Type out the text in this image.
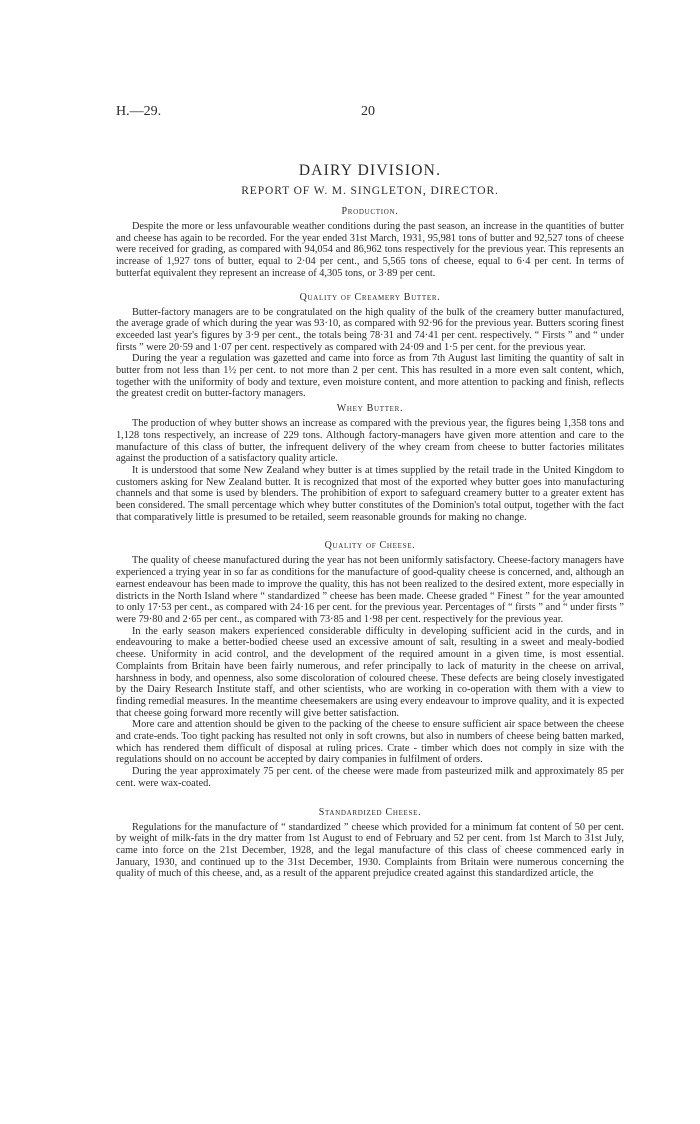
H.—29.	20
DAIRY DIVISION.
REPORT OF W. M. SINGLETON, DIRECTOR.
Production.

Despite the more or less unfavourable weather conditions during the past season, an increase in the quantities of butter and cheese has again to be recorded. For the year ended 31st March, 1931, 95,981 tons of butter and 92,527 tons of cheese were received for grading, as compared with 94,054 and 86,962 tons respectively for the previous year. This represents an increase of 1,927 tons of butter, equal to 2·04 per cent., and 5,565 tons of cheese, equal to 6·4 per cent. In terms of butterfat equivalent they represent an increase of 4,305 tons, or 3·89 per cent.

Quality of Creamery Butter.

Butter-factory managers are to be congratulated on the high quality of the bulk of the creamery butter manufactured, the average grade of which during the year was 93·10, as compared with 92·96 for the previous year. Butters scoring finest exceeded last year's figures by 3·9 per cent., the totals being 78·31 and 74·41 per cent. respectively. “ Firsts ” and “ under firsts ” were 20·59 and 1·07 per cent. respectively as compared with 24·09 and 1·5 per cent. for the previous year.

During the year a regulation was gazetted and came into force as from 7th August last limiting the quantity of salt in butter from not less than 1½ per cent. to not more than 2 per cent. This has resulted in a more even salt content, which, together with the uniformity of body and texture, even moisture content, and more attention to packing and finish, reflects the greatest credit on butter-factory managers.

Whey Butter.

The production of whey butter shows an increase as compared with the previous year, the figures being 1,358 tons and 1,128 tons respectively, an increase of 229 tons. Although factory-managers have given more attention and care to the manufacture of this class of butter, the infrequent delivery of the whey cream from cheese to butter factories militates against the production of a satisfactory quality article.

It is understood that some New Zealand whey butter is at times supplied by the retail trade in the United Kingdom to customers asking for New Zealand butter. It is recognized that most of the exported whey butter goes into manufacturing channels and that some is used by blenders. The prohibition of export to safeguard creamery butter to a greater extent has been considered. The small percentage which whey butter constitutes of the Dominion's total output, together with the fact that comparatively little is presumed to be retailed, seem reasonable grounds for making no change.

Quality of Cheese.

The quality of cheese manufactured during the year has not been uniformly satisfactory. Cheese-factory managers have experienced a trying year in so far as conditions for the manufacture of good-quality cheese is concerned, and, although an earnest endeavour has been made to improve the quality, this has not been realized to the desired extent, more especially in districts in the North Island where “ standardized ” cheese has been made. Cheese graded “ Finest ” for the year amounted to only 17·53 per cent., as compared with 24·16 per cent. for the previous year. Percentages of “ firsts ” and “ under firsts ” were 79·80 and 2·65 per cent., as compared with 73·85 and 1·98 per cent. respectively for the previous year.

In the early season makers experienced considerable difficulty in developing sufficient acid in the curds, and in endeavouring to make a better-bodied cheese used an excessive amount of salt, resulting in a sweet and mealy-bodied cheese. Uniformity in acid control, and the development of the required amount in a given time, is most essential. Complaints from Britain have been fairly numerous, and refer principally to lack of maturity in the cheese on arrival, harshness in body, and openness, also some discoloration of coloured cheese. These defects are being closely investigated by the Dairy Research Institute staff, and other scientists, who are working in co-operation with them with a view to finding remedial measures. In the meantime cheesemakers are using every endeavour to improve quality, and it is expected that cheese going forward more recently will give better satisfaction.

More care and attention should be given to the packing of the cheese to ensure sufficient air space between the cheese and crate-ends. Too tight packing has resulted not only in soft crowns, but also in numbers of cheese being batten marked, which has rendered them difficult of disposal at ruling prices. Crate - timber which does not comply in size with the regulations should on no account be accepted by dairy companies in fulfilment of orders.

During the year approximately 75 per cent. of the cheese were made from pasteurized milk and approximately 85 per cent. were wax-coated.

Standardized Cheese.

Regulations for the manufacture of “ standardized ” cheese which provided for a minimum fat content of 50 per cent. by weight of milk-fats in the dry matter from 1st August to end of February and 52 per cent. from 1st March to 31st July, came into force on the 21st December, 1928, and the legal manufacture of this class of cheese commenced early in January, 1930, and continued up to the 31st December, 1930. Complaints from Britain were numerous concerning the quality of much of this cheese, and, as a result of the apparent prejudice created against this standardized article, the
